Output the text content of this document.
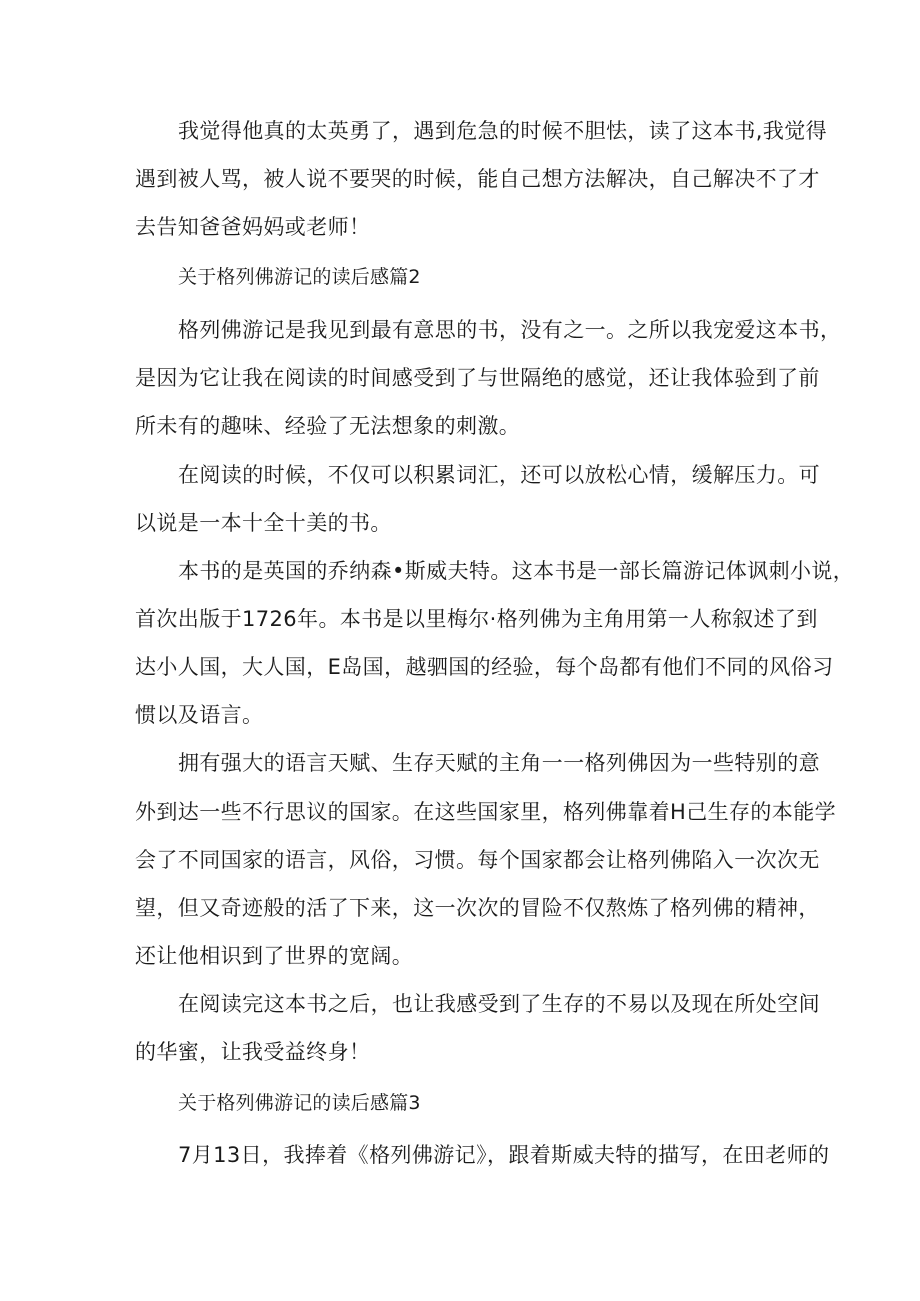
我觉得他真的太英勇了，遇到危急的时候不胆怯，读了这本书,我觉得
遇到被人骂，被人说不要哭的时候，能自己想方法解决，自己解决不了才
去告知爸爸妈妈或老师！
关于格列佛游记的读后感篇2
格列佛游记是我见到最有意思的书，没有之一。之所以我宠爱这本书，
是因为它让我在阅读的时间感受到了与世隔绝的感觉，还让我体验到了前
所未有的趣味、经验了无法想象的刺激。
在阅读的时候，不仅可以积累词汇，还可以放松心情，缓解压力。可
以说是一本十全十美的书。
本书的是英国的乔纳森•斯威夫特。这本书是一部长篇游记体讽刺小说，
首次出版于1726年。本书是以里梅尔·格列佛为主角用第一人称叙述了到
达小人国，大人国，E岛国，越驷国的经验，每个岛都有他们不同的风俗习
惯以及语言。
拥有强大的语言天赋、生存天赋的主角一一格列佛因为一些特别的意
外到达一些不行思议的国家。在这些国家里，格列佛靠着H己生存的本能学
会了不同国家的语言，风俗，习惯。每个国家都会让格列佛陷入一次次无
望，但又奇迹般的活了下来，这一次次的冒险不仅熬炼了格列佛的精神，
还让他相识到了世界的宽阔。
在阅读完这本书之后，也让我感受到了生存的不易以及现在所处空间
的华蜜，让我受益终身！
关于格列佛游记的读后感篇3
7月13日，我捧着《格列佛游记》，跟着斯威夫特的描写，在田老师的
